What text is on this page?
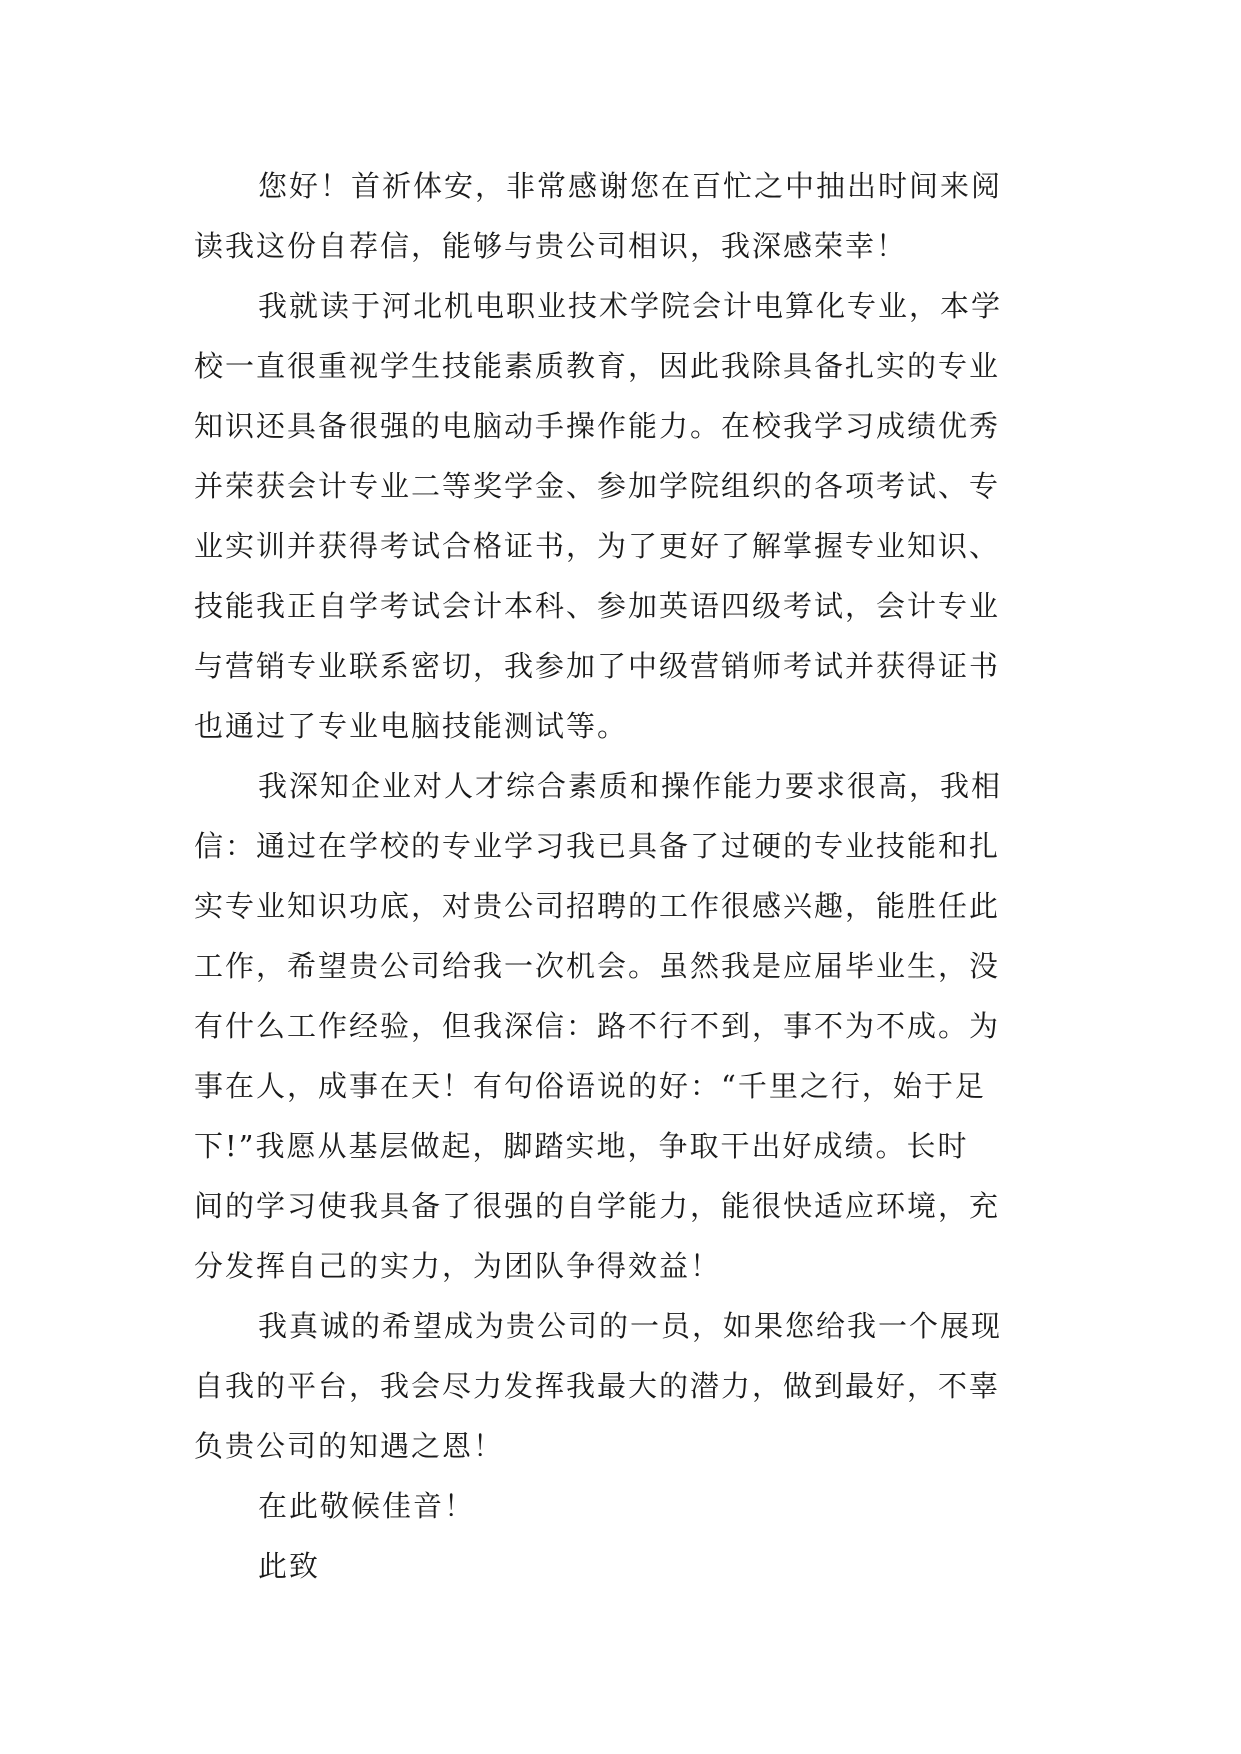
您好！首祈体安，非常感谢您在百忙之中抽出时间来阅
读我这份自荐信，能够与贵公司相识，我深感荣幸！
我就读于河北机电职业技术学院会计电算化专业，本学
校一直很重视学生技能素质教育，因此我除具备扎实的专业
知识还具备很强的电脑动手操作能力。在校我学习成绩优秀
并荣获会计专业二等奖学金、参加学院组织的各项考试、专
业实训并获得考试合格证书，为了更好了解掌握专业知识、
技能我正自学考试会计本科、参加英语四级考试，会计专业
与营销专业联系密切，我参加了中级营销师考试并获得证书
也通过了专业电脑技能测试等。
我深知企业对人才综合素质和操作能力要求很高，我相
信：通过在学校的专业学习我已具备了过硬的专业技能和扎
实专业知识功底，对贵公司招聘的工作很感兴趣，能胜任此
工作，希望贵公司给我一次机会。虽然我是应届毕业生，没
有什么工作经验，但我深信：路不行不到，事不为不成。为
事在人，成事在天！有句俗语说的好：“千里之行，始于足
下!”我愿从基层做起，脚踏实地，争取干出好成绩。长时
间的学习使我具备了很强的自学能力，能很快适应环境，充
分发挥自己的实力，为团队争得效益！
我真诚的希望成为贵公司的一员，如果您给我一个展现
自我的平台，我会尽力发挥我最大的潜力，做到最好，不辜
负贵公司的知遇之恩！
在此敬候佳音！
此致
